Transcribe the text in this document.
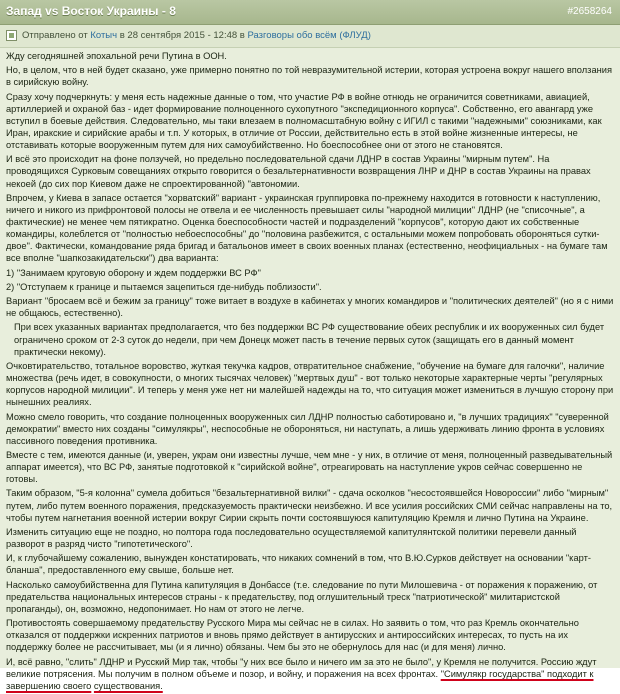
Запад vs Восток Украины - 8	#2658264
Отправлено от Котыч в 28 сентября 2015 - 12:48 в Разговоры обо всём (ФЛУД)

Жду сегодняшней эпохальной речи Путина в ООН.

Но, в целом, что в ней будет сказано, уже примерно понятно по той невразумительной истерии, которая устроена вокруг нашего вползания в сирийскую войну.

Сразу хочу подчеркнуть: у меня есть надежные данные о том, что участие РФ в войне отнюдь не ограничится советниками, авиацией, артиллерией и охраной баз - идет формирование полноценного сухопутного "экспедиционного корпуса". Собственно, его авангард уже вступил в боевые действия. Следовательно, мы таки влезаем в полномасштабную войну с ИГИЛ с такими "надежными" союзниками, как Иран, иракские и сирийские арабы и т.п. У которых, в отличие от России, действительно есть в этой войне жизненные интересы, не отставивать которые вооруженным путем для них самоубийственно. Но боеспособнее они от этого не становятся.

И всё это происходит на фоне ползучей, но предельно последовательной сдачи ЛДНР в состав Украины "мирным путем". На проводящихся Сурковым совещаниях открыто говорится о безальтернативности возвращения ЛНР и ДНР в состав Украины на правах некоей (до сих пор Киевом даже не спроектированной) "автономии.

Впрочем, у Киева в запасе остается "хорватский" вариант - украинская группировка по-прежнему находится в готовности к наступлению, ничего и никого из прифронтовой полосы не отвела и ее численность превышает силы "народной милиции" ЛДНР (не "списочные", а фактические) не менее чем пятикратно. Оценка боеспособности частей и подразделений "корпусов", которую дают их собственные командиры, колеблется от "полностью небоеспособны" до "половина разбежится, с остальными можем попробовать обороняться сутки-двое". Фактически, командование ряда бригад и батальонов имеет в своих военных планах (естественно, неофициальных - на бумаге там все вполне "шапкозакидательски") два варианта:

1) "Занимаем круговую оборону и ждем поддержки ВС РФ"

2) "Отступаем к границе и пытаемся зацепиться где-нибудь поблизости".

Вариант "бросаем всё и бежим за границу" тоже витает в воздухе в кабинетах у многих командиров и "политических деятелей" (но я с ними не общаюсь, естественно).

При всех указанных вариантах предполагается, что без поддержки ВС РФ существование обеих республик и их вооруженных сил будет ограничено сроком от 2-3 суток до недели, при чем Донецк может пасть в течение первых суток (защищать его в данный момент практически некому).

Очковтирательство, тотальное воровство, жуткая текучка кадров, отвратительное снабжение, "обучение на бумаге для галочки", наличие множества (речь идет, в совокупности, о многих тысячах человек) "мертвых душ" - вот только некоторые характерные черты "регулярных корпусов народной милиции". И теперь у меня уже нет ни малейшей надежды на то, что ситуация может измениться в лучшую сторону при нынешних реалиях.

Можно смело говорить, что создание полноценных вооруженных сил ЛДНР полностью саботировано и, "в лучших традициях" "суверенной демократии" вместо них созданы "симулякры", неспособные не обороняться, ни наступать, а лишь удерживать линию фронта в условиях пассивного поведения противника.

Вместе с тем, имеются данные (и, уверен, укрaм они известны лучше, чем мне - у них, в отличие от меня, полноценный разведывательный аппарат имеется), что ВС РФ, занятые подготовкой к "сирийской войне", отреагировать на наступление укров сейчас совершенно не готовы.

Таким образом, "5-я колонна" сумела добиться "безальтернативной вилки" - сдача осколков "несостоявшейся Новороссии" либо "мирным" путем, либо путем военного поражения, предсказуемость практически неизбежно. И все усилия российских СМИ сейчас направлены на то, чтобы путем нагнетания военной истерии вокруг Сирии скрыть почти состоявшуюся капитуляцию Кремля и лично Путина на Украине.

Изменить ситуацию еще не поздно, но полтора года последовательно осуществляемой капитулянтской политики перевели данный разворот в разряд чисто "гипотетического".

И, к глубочайшему сожалению, вынужден констатировать, что никаких сомнений в том, что В.Ю.Сурков действует на основании "карт-бланша", предоставленного ему свыше, больше нет.

Насколько самоубийственна для Путина капитуляция в Донбассе (т.е. следование по пути Милошевича - от поражения к поражению, от предательства национальных интересов страны - к предательству, под оглушительный треск "патриотической" милитаристской пропаганды), он, возможно, недопонимает. Но нам от этого не легче.

Противостоять совершаемому предательству Русского Мира мы сейчас не в силах. Но заявить о том, что раз Кремль окончательно отказался от поддержки искренних патриотов и вновь прямо действует в антирусских и антироссийских интересах, то пусть на их поддержку более не рассчитывает, мы (и я лично) обязаны. Чем бы это не обернулось для нас (и для меня) лично.

И, всё равно, "слить" ЛДНР и Русский Мир так, чтобы "у них все было и ничего им за это не было", у Кремля не получится. Россию ждут великие потрясения. Мы получим в полном объеме и позор, и войну, и поражения на всех фронтах. "Симулякр государства" подходит к завершению своего существования.
